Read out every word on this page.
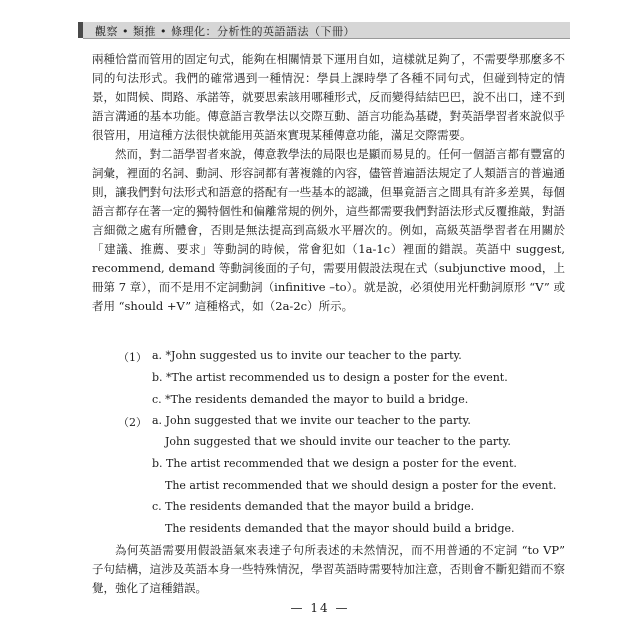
觀察 • 類推 • 條理化：分析性的英語語法（下冊）

兩種恰當而管用的固定句式，能夠在相關情景下運用自如，這樣就足夠了，不需要學那麼多不同的句法形式。我們的確常遇到一種情況：學員上課時學了各種不同句式，但碰到特定的情景，如問候、問路、承諾等，就要思索該用哪種形式，反而變得結結巴巴，說不出口，達不到語言溝通的基本功能。傳意語言教學法以交際互動、語言功能為基礎，對英語學習者來說似乎很管用，用這種方法很快就能用英語來實現某種傳意功能，滿足交際需要。

然而，對二語學習者來說，傳意教學法的局限也是顯而易見的。任何一個語言都有豐富的詞彙，裡面的名詞、動詞、形容詞都有著複雜的內容，儘管普遍語法規定了人類語言的普遍通則，讓我們對句法形式和語意的搭配有一些基本的認識，但畢竟語言之間具有許多差異，每個語言都存在著一定的獨特個性和偏離常規的例外，這些都需要我們對語法形式反覆推敲，對語言細微之處有所體會，否則是無法提高到高級水平層次的。例如，高級英語學習者在用關於「建議、推薦、要求」等動詞的時候，常會犯如（1a-1c）裡面的錯誤。英語中 suggest, recommend, demand 等動詞後面的子句，需要用假設法現在式（subjunctive mood，上冊第 7 章），而不是用不定詞動詞（infinitive –to）。就是說，必須使用光杆動詞原形 “V” 或者用 “should +V” 這種格式，如（2a-2c）所示。

（1） a. *John suggested us to invite our teacher to the party.
b. *The artist recommended us to design a poster for the event.
c. *The residents demanded the mayor to build a bridge.
（2） a. John suggested that we invite our teacher to the party.
John suggested that we should invite our teacher to the party.
b. The artist recommended that we design a poster for the event.
The artist recommended that we should design a poster for the event.
c. The residents demanded that the mayor build a bridge.
The residents demanded that the mayor should build a bridge.

為何英語需要用假設語氣來表達子句所表述的未然情況，而不用普通的不定詞 “to VP” 子句結構，這涉及英語本身一些特殊情況，學習英語時需要特加注意，否則會不斷犯錯而不察覺，強化了這種錯誤。

— 14 —
